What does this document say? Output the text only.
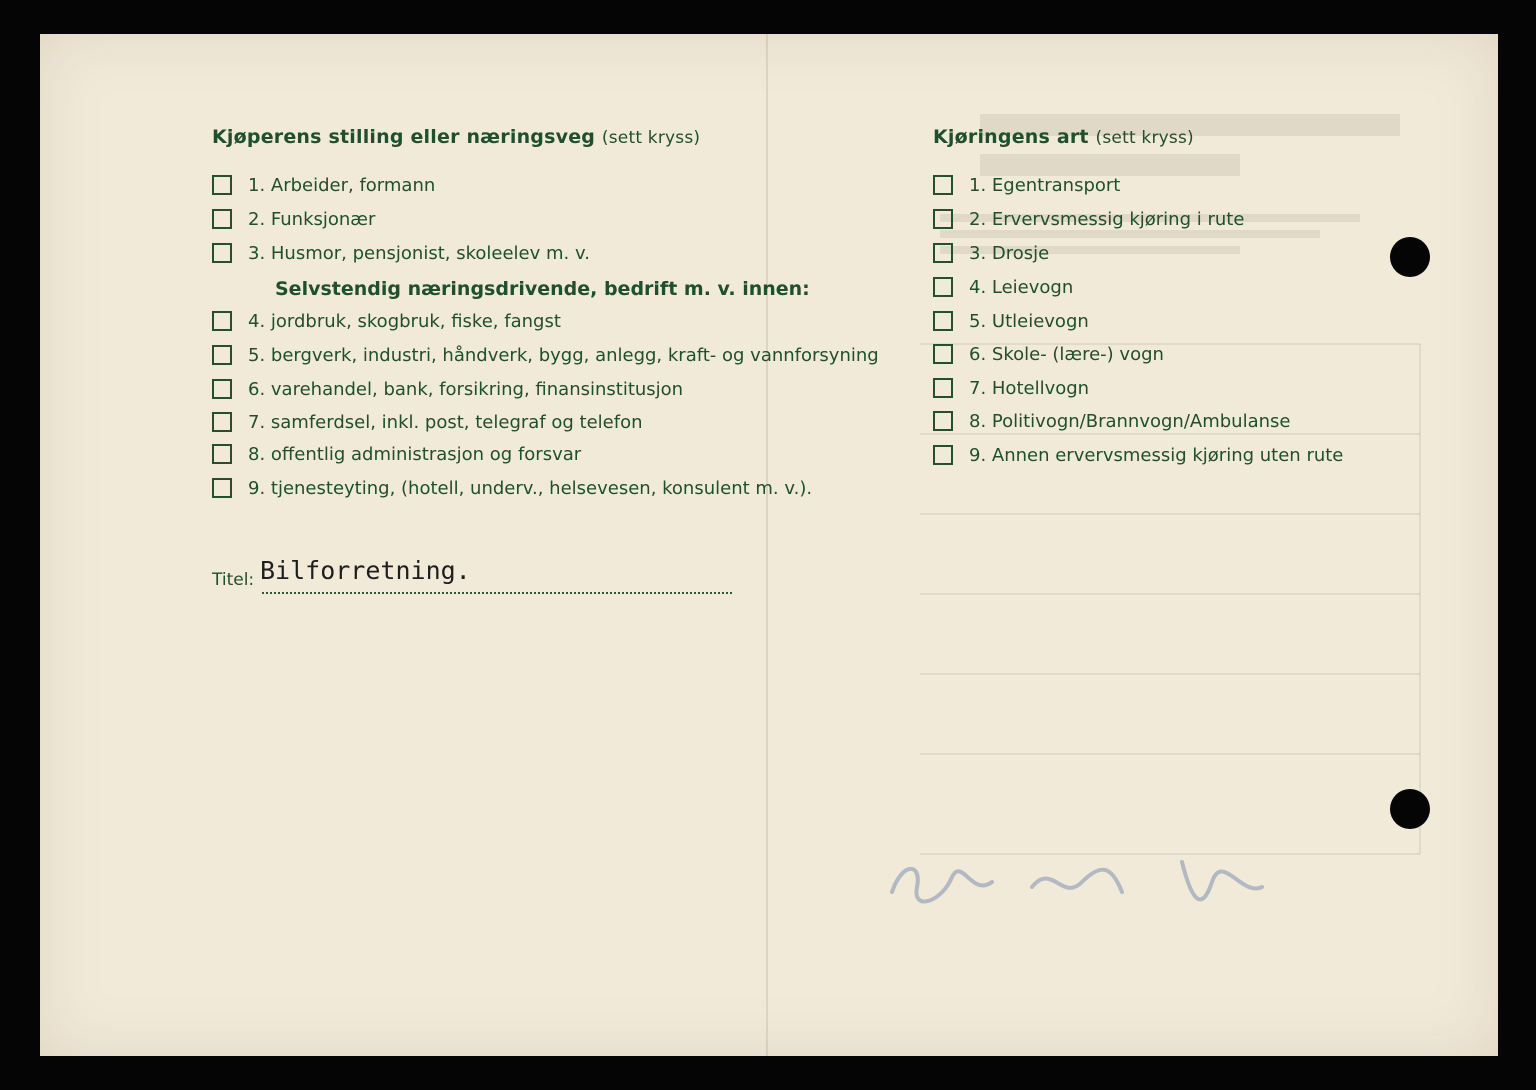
Kjøperens stilling eller næringsveg (sett kryss)
1. Arbeider, formann
2. Funksjonær
3. Husmor, pensjonist, skoleelev m. v.
Selvstendig næringsdrivende, bedrift m. v. innen:
4. jordbruk, skogbruk, fiske, fangst
5. bergverk, industri, håndverk, bygg, anlegg, kraft- og vannforsyning
6. varehandel, bank, forsikring, finansinstitusjon
7. samferdsel, inkl. post, telegraf og telefon
8. offentlig administrasjon og forsvar
9. tjenesteyting, (hotell, underv., helsevesen, konsulent m. v.).
Kjøringens art (sett kryss)
1. Egentransport
2. Ervervsmessig kjøring i rute
3. Drosje
4. Leievogn
5. Utleievogn
6. Skole- (lære-) vogn
7. Hotellvogn
8. Politivogn/Brannvogn/Ambulanse
9. Annen ervervsmessig kjøring uten rute
Titel: Bilforretning.
